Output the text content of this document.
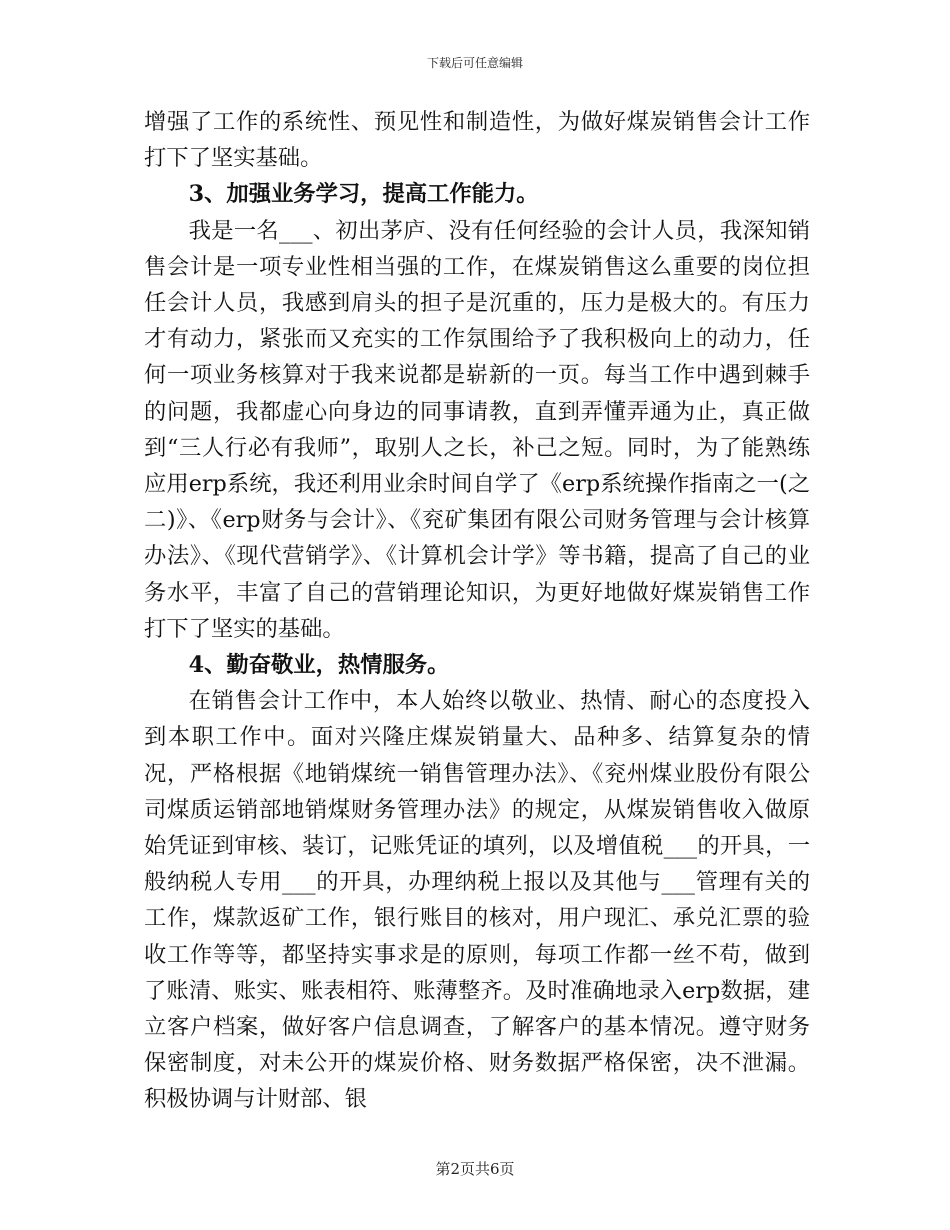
下载后可任意编辑

增强了工作的系统性、预见性和制造性，为做好煤炭销售会计工作打下了坚实基础。

3、加强业务学习，提高工作能力。

我是一名___、初出茅庐、没有任何经验的会计人员，我深知销售会计是一项专业性相当强的工作，在煤炭销售这么重要的岗位担任会计人员，我感到肩头的担子是沉重的，压力是极大的。有压力才有动力，紧张而又充实的工作氛围给予了我积极向上的动力，任何一项业务核算对于我来说都是崭新的一页。每当工作中遇到棘手的问题，我都虚心向身边的同事请教，直到弄懂弄通为止，真正做到“三人行必有我师”，取别人之长，补己之短。同时，为了能熟练应用erp系统，我还利用业余时间自学了《erp系统操作指南之一(之二)》、《erp财务与会计》、《兖矿集团有限公司财务管理与会计核算办法》、《现代营销学》、《计算机会计学》等书籍，提高了自己的业务水平，丰富了自己的营销理论知识，为更好地做好煤炭销售工作打下了坚实的基础。

4、勤奋敬业，热情服务。

在销售会计工作中，本人始终以敬业、热情、耐心的态度投入到本职工作中。面对兴隆庄煤炭销量大、品种多、结算复杂的情况，严格根据《地销煤统一销售管理办法》、《兖州煤业股份有限公司煤质运销部地销煤财务管理办法》的规定，从煤炭销售收入做原始凭证到审核、装订，记账凭证的填列，以及增值税___的开具，一般纳税人专用___的开具，办理纳税上报以及其他与___管理有关的工作，煤款返矿工作，银行账目的核对，用户现汇、承兑汇票的验收工作等等，都坚持实事求是的原则，每项工作都一丝不苟，做到了账清、账实、账表相符、账薄整齐。及时准确地录入erp数据，建立客户档案，做好客户信息调查，了解客户的基本情况。遵守财务保密制度，对未公开的煤炭价格、财务数据严格保密，决不泄漏。积极协调与计财部、银

第2页共6页
